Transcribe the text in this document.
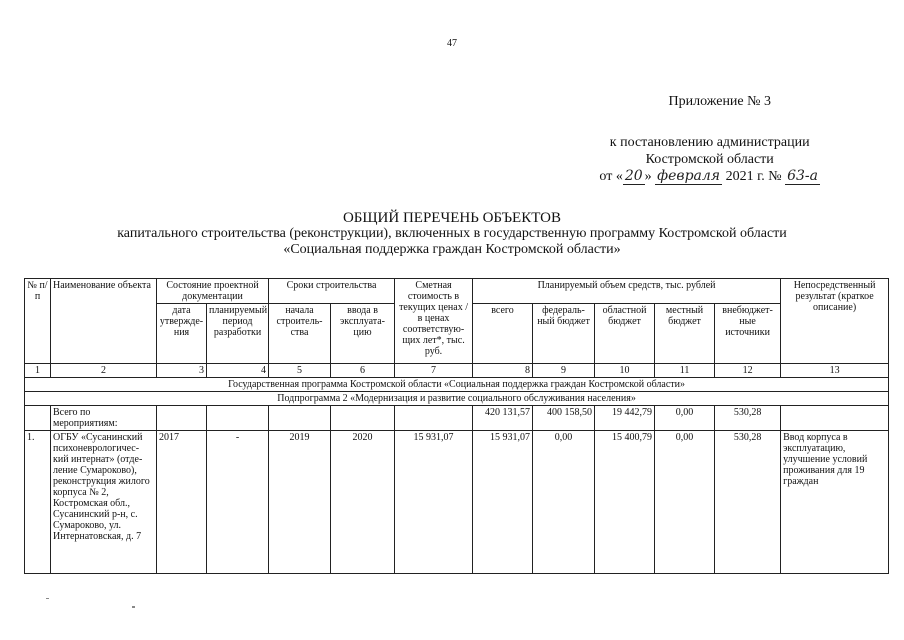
47
Приложение № 3
к постановлению администрации
Костромской области
от « 20 » февраля 2021 г. № 63-а
ОБЩИЙ ПЕРЕЧЕНЬ ОБЪЕКТОВ
капитального строительства (реконструкции), включенных в государственную программу Костромской области
«Социальная поддержка граждан Костромской области»
№ п/п	Наименование объекта	Состояние проектной документации		Сроки строительства		Сметная стоимость в текущих ценах / в ценах соответствую-щих лет*, тыс. руб.	Планируемый объем средств, тыс. рублей					Непосредственный результат (краткое описание)
		дата утвержде-ния	планируемый период разработки	начала строитель-ства	ввода в эксплуата-цию		всего	федераль-ный бюджет	областной бюджет	местный бюджет	внебюджет-ные источники	
1	2	3	4	5	6	7	8	9	10	11	12	13
Государственная программа Костромской области «Социальная поддержка граждан Костромской области»												
Подпрограмма 2 «Модернизация и развитие социального обслуживания населения»												
	Всего по мероприятиям:						420 131,57	400 158,50	19 442,79	0,00	530,28	
1.	ОГБУ «Сусанинский психоневрологичес-кий интернат» (отде-ление Сумароково), реконструкция жилого корпуса № 2, Костромская обл., Сусанинский р-н, с. Сумароково, ул. Интернатовская, д. 7	2017	-	2019	2020	15 931,07	15 931,07	0,00	15 400,79	0,00	530,28	Ввод корпуса в эксплуатацию, улучшение условий проживания для 19 граждан
